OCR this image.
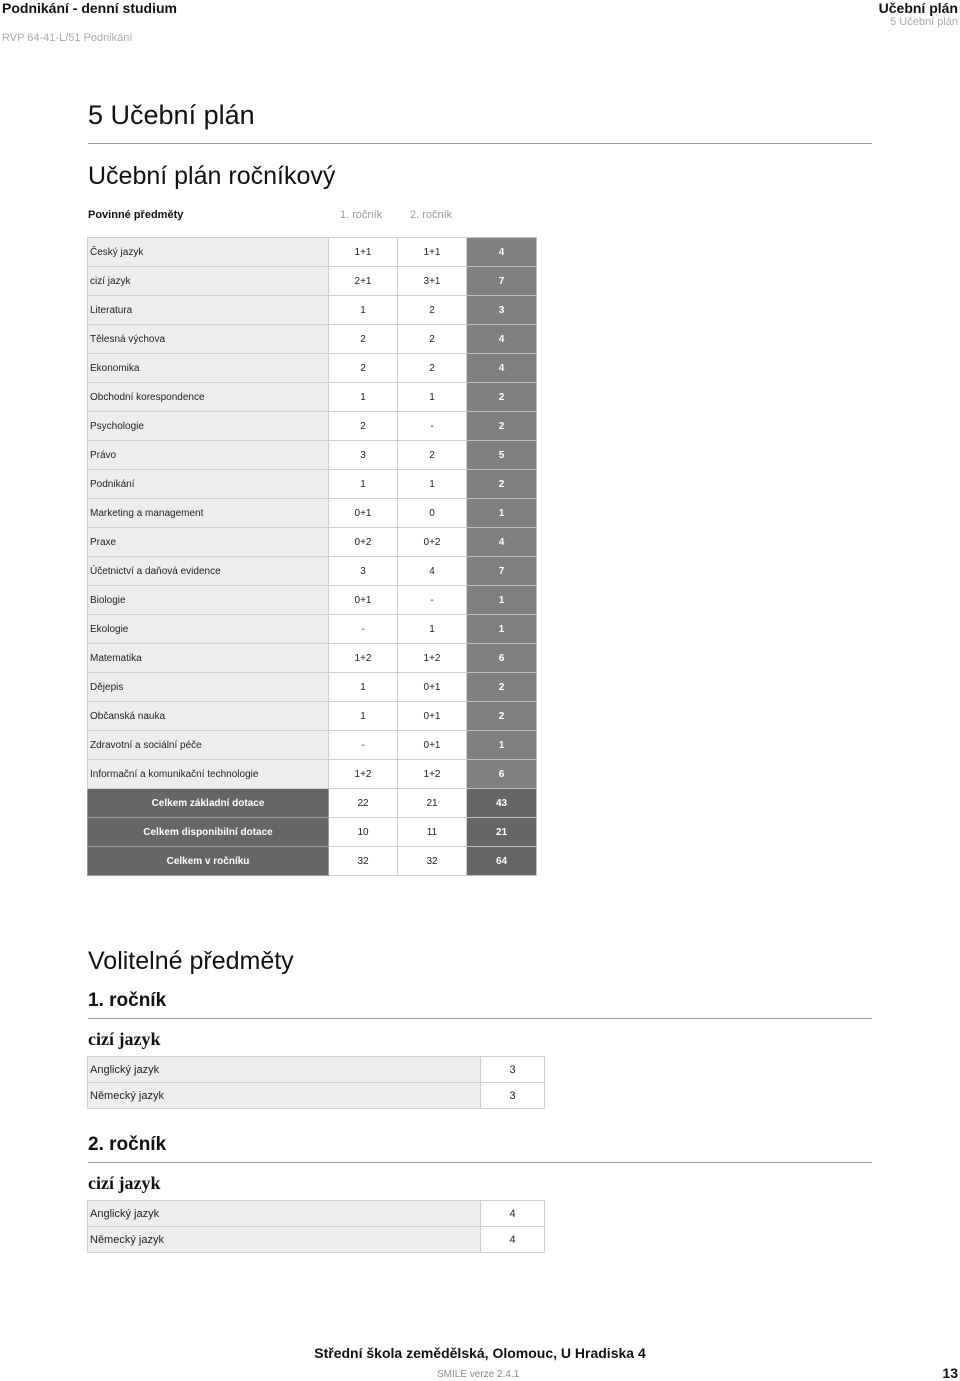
Podnikání - denní studium
RVP 64-41-L/51 Podnikání
Učební plán
5 Učební plán
5 Učební plán
Učební plán ročníkový
Povinné předměty	1. ročník	2. ročník
Český jazyk	1+1	1+1	4
cizí jazyk	2+1	3+1	7
Literatura	1	2	3
Tělesná výchova	2	2	4
Ekonomika	2	2	4
Obchodní korespondence	1	1	2
Psychologie	2	-	2
Právo	3	2	5
Podnikání	1	1	2
Marketing a management	0+1	0	1
Praxe	0+2	0+2	4
Účetnictví a daňová evidence	3	4	7
Biologie	0+1	-	1
Ekologie	-	1	1
Matematika	1+2	1+2	6
Dějepis	1	0+1	2
Občanská nauka	1	0+1	2
Zdravotní a sociální péče	-	0+1	1
Informační a komunikační technologie	1+2	1+2	6
Celkem základní dotace	22	21	43
Celkem disponibilní dotace	10	11	21
Celkem v ročníku	32	32	64
Volitelné předměty
1. ročník
cizí jazyk
Anglický jazyk	3
Německý jazyk	3
2. ročník
cizí jazyk
Anglický jazyk	4
Německý jazyk	4
Střední škola zemědělská, Olomouc, U Hradiska 4
SMILE verze 2.4.1	13
